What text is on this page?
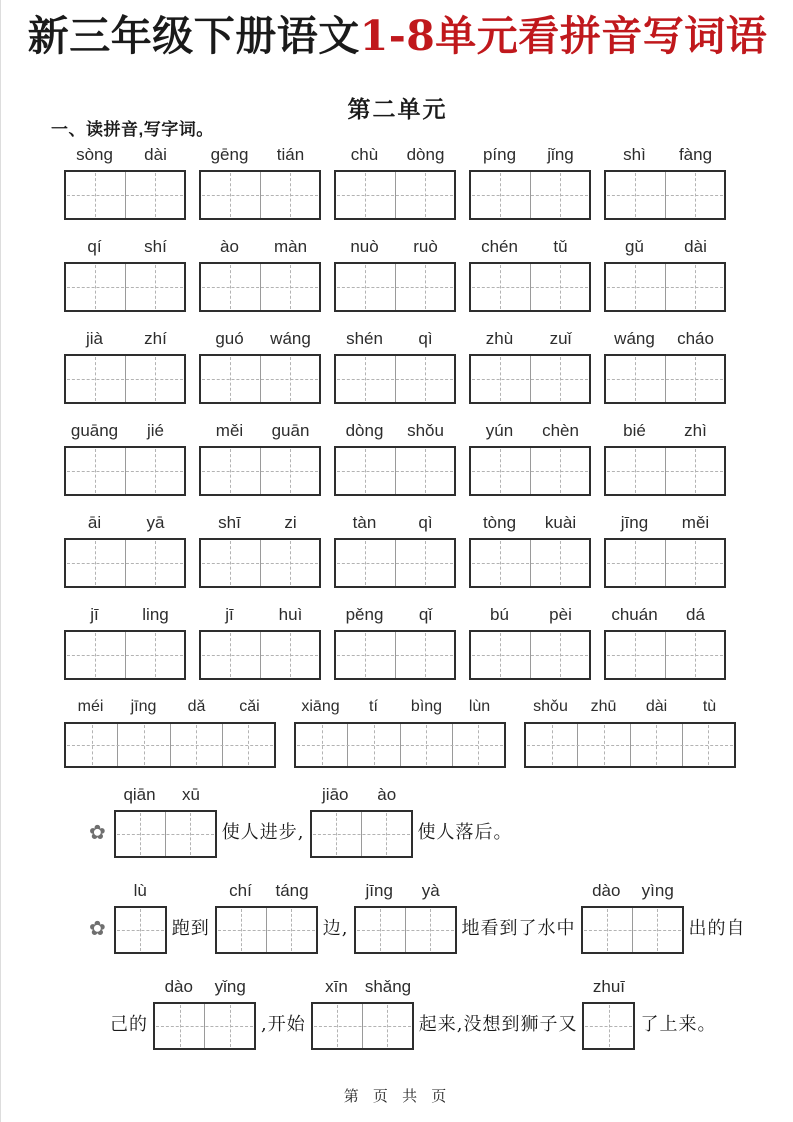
新三年级下册语文1-8单元看拼音写词语
第二单元
一、读拼音,写字词。
sòng	dài	gēng	tián	chù	dòng	píng	jǐng	shì	fàng
qí	shí	ào	màn	nuò	ruò	chén	tǔ	gǔ	dài
jià	zhí	guó	wáng	shén	qì	zhù	zuǐ	wáng	cháo
guāng	jié	měi	guān	dòng	shǒu	yún	chèn	bié	zhì
āi	yā	shī	zi	tàn	qì	tòng	kuài	jīng	měi
jī	ling	jī	huì	pěng	qǐ	bú	pèi	chuán	dá
méi	jīng	dǎ	cǎi	xiāng	tí	bìng	lùn	shǒu	zhū	dài	tù
✿
qiān	xū
使人进步,
jiāo	ào
使人落后。
✿
lù
跑到
chí	táng
边,
jīng	yà
地看到了水中
dào	yìng
出的自
己的
dào	yǐng
,开始
xīn shǎng
起来,没想到狮子又
zhuī
了上来。
第 页 共 页
